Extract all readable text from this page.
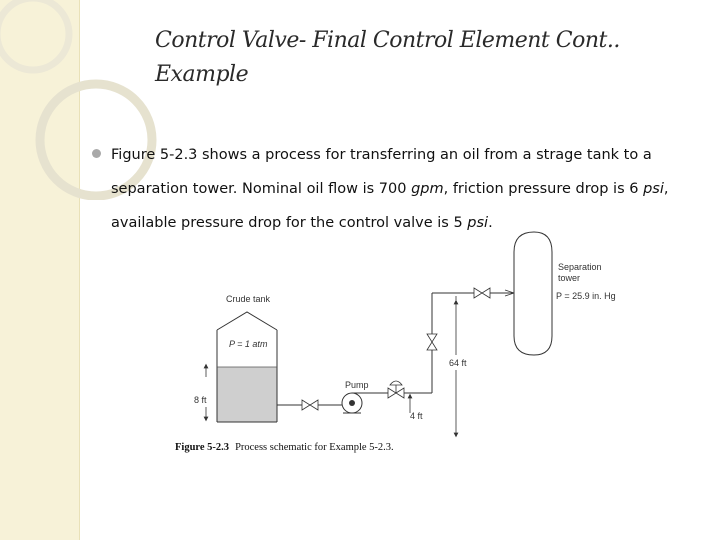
Control Valve- Final Control Element Cont..
Example
Figure 5-2.3 shows a process for transferring an oil from a strage tank to a separation tower. Nominal oil flow is 700 gpm, friction pressure drop is 6 psi, available pressure drop for the control valve is 5 psi.
Crude tank
P = 1 atm
8 ft
Pump
4 ft
64 ft
Separation
tower
P = 25.9 in. Hg
Figure 5-2.3 Process schematic for Example 5-2.3.
